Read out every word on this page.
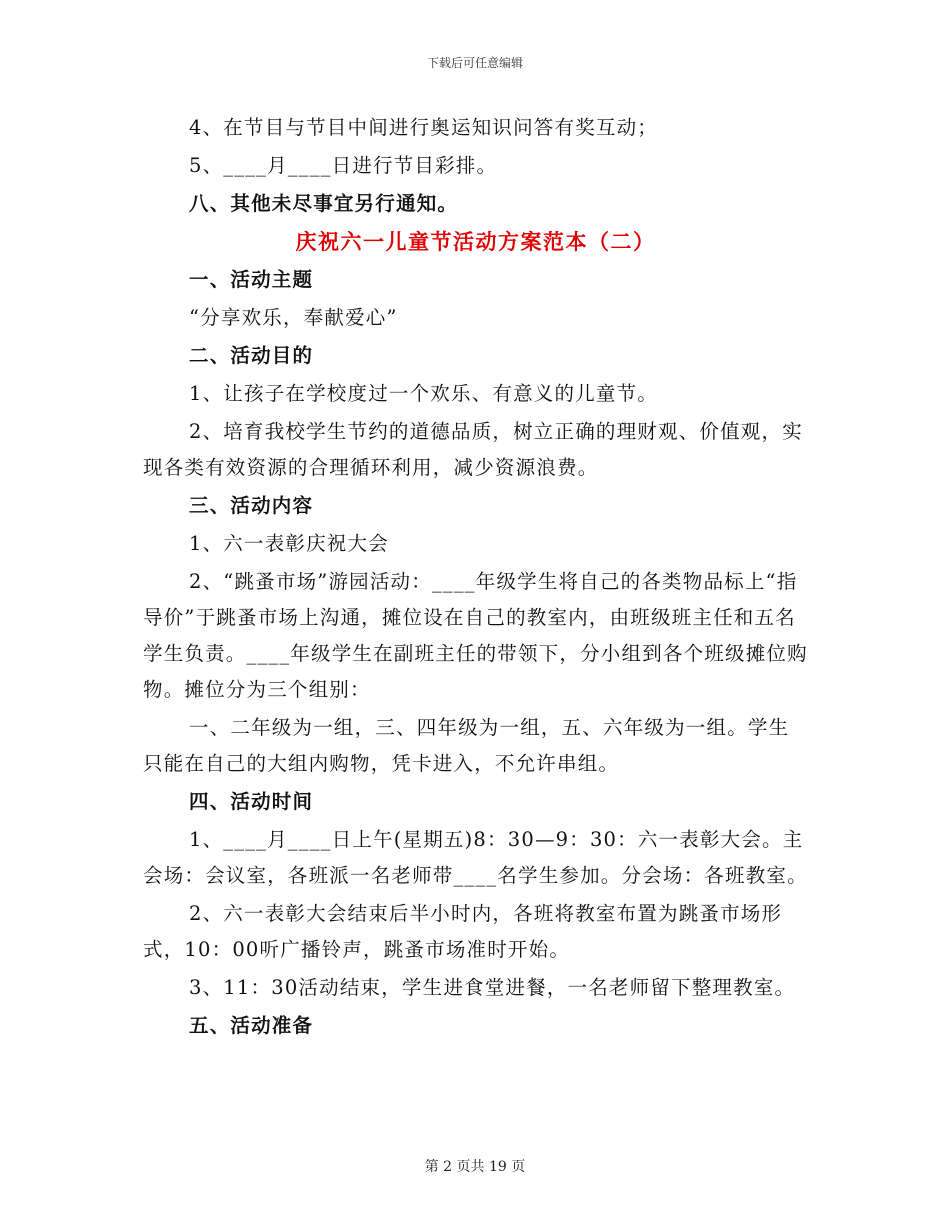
下载后可任意编辑

4、在节目与节目中间进行奥运知识问答有奖互动；

5、____月____日进行节目彩排。

八、其他未尽事宜另行通知。

庆祝六一儿童节活动方案范本（二）

一、活动主题

“分享欢乐，奉献爱心”

二、活动目的

1、让孩子在学校度过一个欢乐、有意义的儿童节。

2、培育我校学生节约的道德品质，树立正确的理财观、价值观，实现各类有效资源的合理循环利用，减少资源浪费。

三、活动内容

1、六一表彰庆祝大会

2、“跳蚤市场”游园活动：____年级学生将自己的各类物品标上“指导价”于跳蚤市场上沟通，摊位设在自己的教室内，由班级班主任和五名学生负责。____年级学生在副班主任的带领下，分小组到各个班级摊位购物。摊位分为三个组别：

一、二年级为一组，三、四年级为一组，五、六年级为一组。学生只能在自己的大组内购物，凭卡进入，不允许串组。

四、活动时间

1、____月____日上午(星期五)8：30—9：30：六一表彰大会。主会场：会议室，各班派一名老师带____名学生参加。分会场：各班教室。

2、六一表彰大会结束后半小时内，各班将教室布置为跳蚤市场形式，10：00听广播铃声，跳蚤市场准时开始。

3、11：30活动结束，学生进食堂进餐，一名老师留下整理教室。

五、活动准备

第 2 页共 19 页
